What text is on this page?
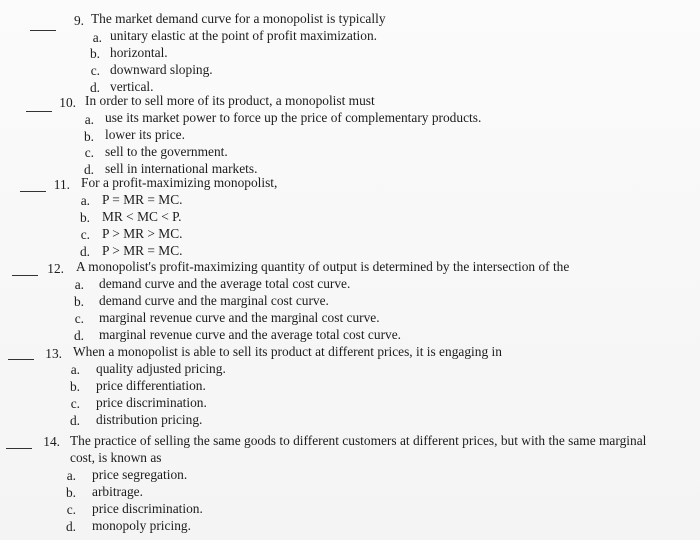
9. The market demand curve for a monopolist is typically
a. unitary elastic at the point of profit maximization.
b. horizontal.
c. downward sloping.
d. vertical.
10. In order to sell more of its product, a monopolist must
a. use its market power to force up the price of complementary products.
b. lower its price.
c. sell to the government.
d. sell in international markets.
11. For a profit-maximizing monopolist,
a. P = MR = MC.
b. MR < MC < P.
c. P > MR > MC.
d. P > MR = MC.
12. A monopolist's profit-maximizing quantity of output is determined by the intersection of the
a. demand curve and the average total cost curve.
b. demand curve and the marginal cost curve.
c. marginal revenue curve and the marginal cost curve.
d. marginal revenue curve and the average total cost curve.
13. When a monopolist is able to sell its product at different prices, it is engaging in
a. quality adjusted pricing.
b. price differentiation.
c. price discrimination.
d. distribution pricing.
14. The practice of selling the same goods to different customers at different prices, but with the same marginal
cost, is known as
a. price segregation.
b. arbitrage.
c. price discrimination.
d. monopoly pricing.
